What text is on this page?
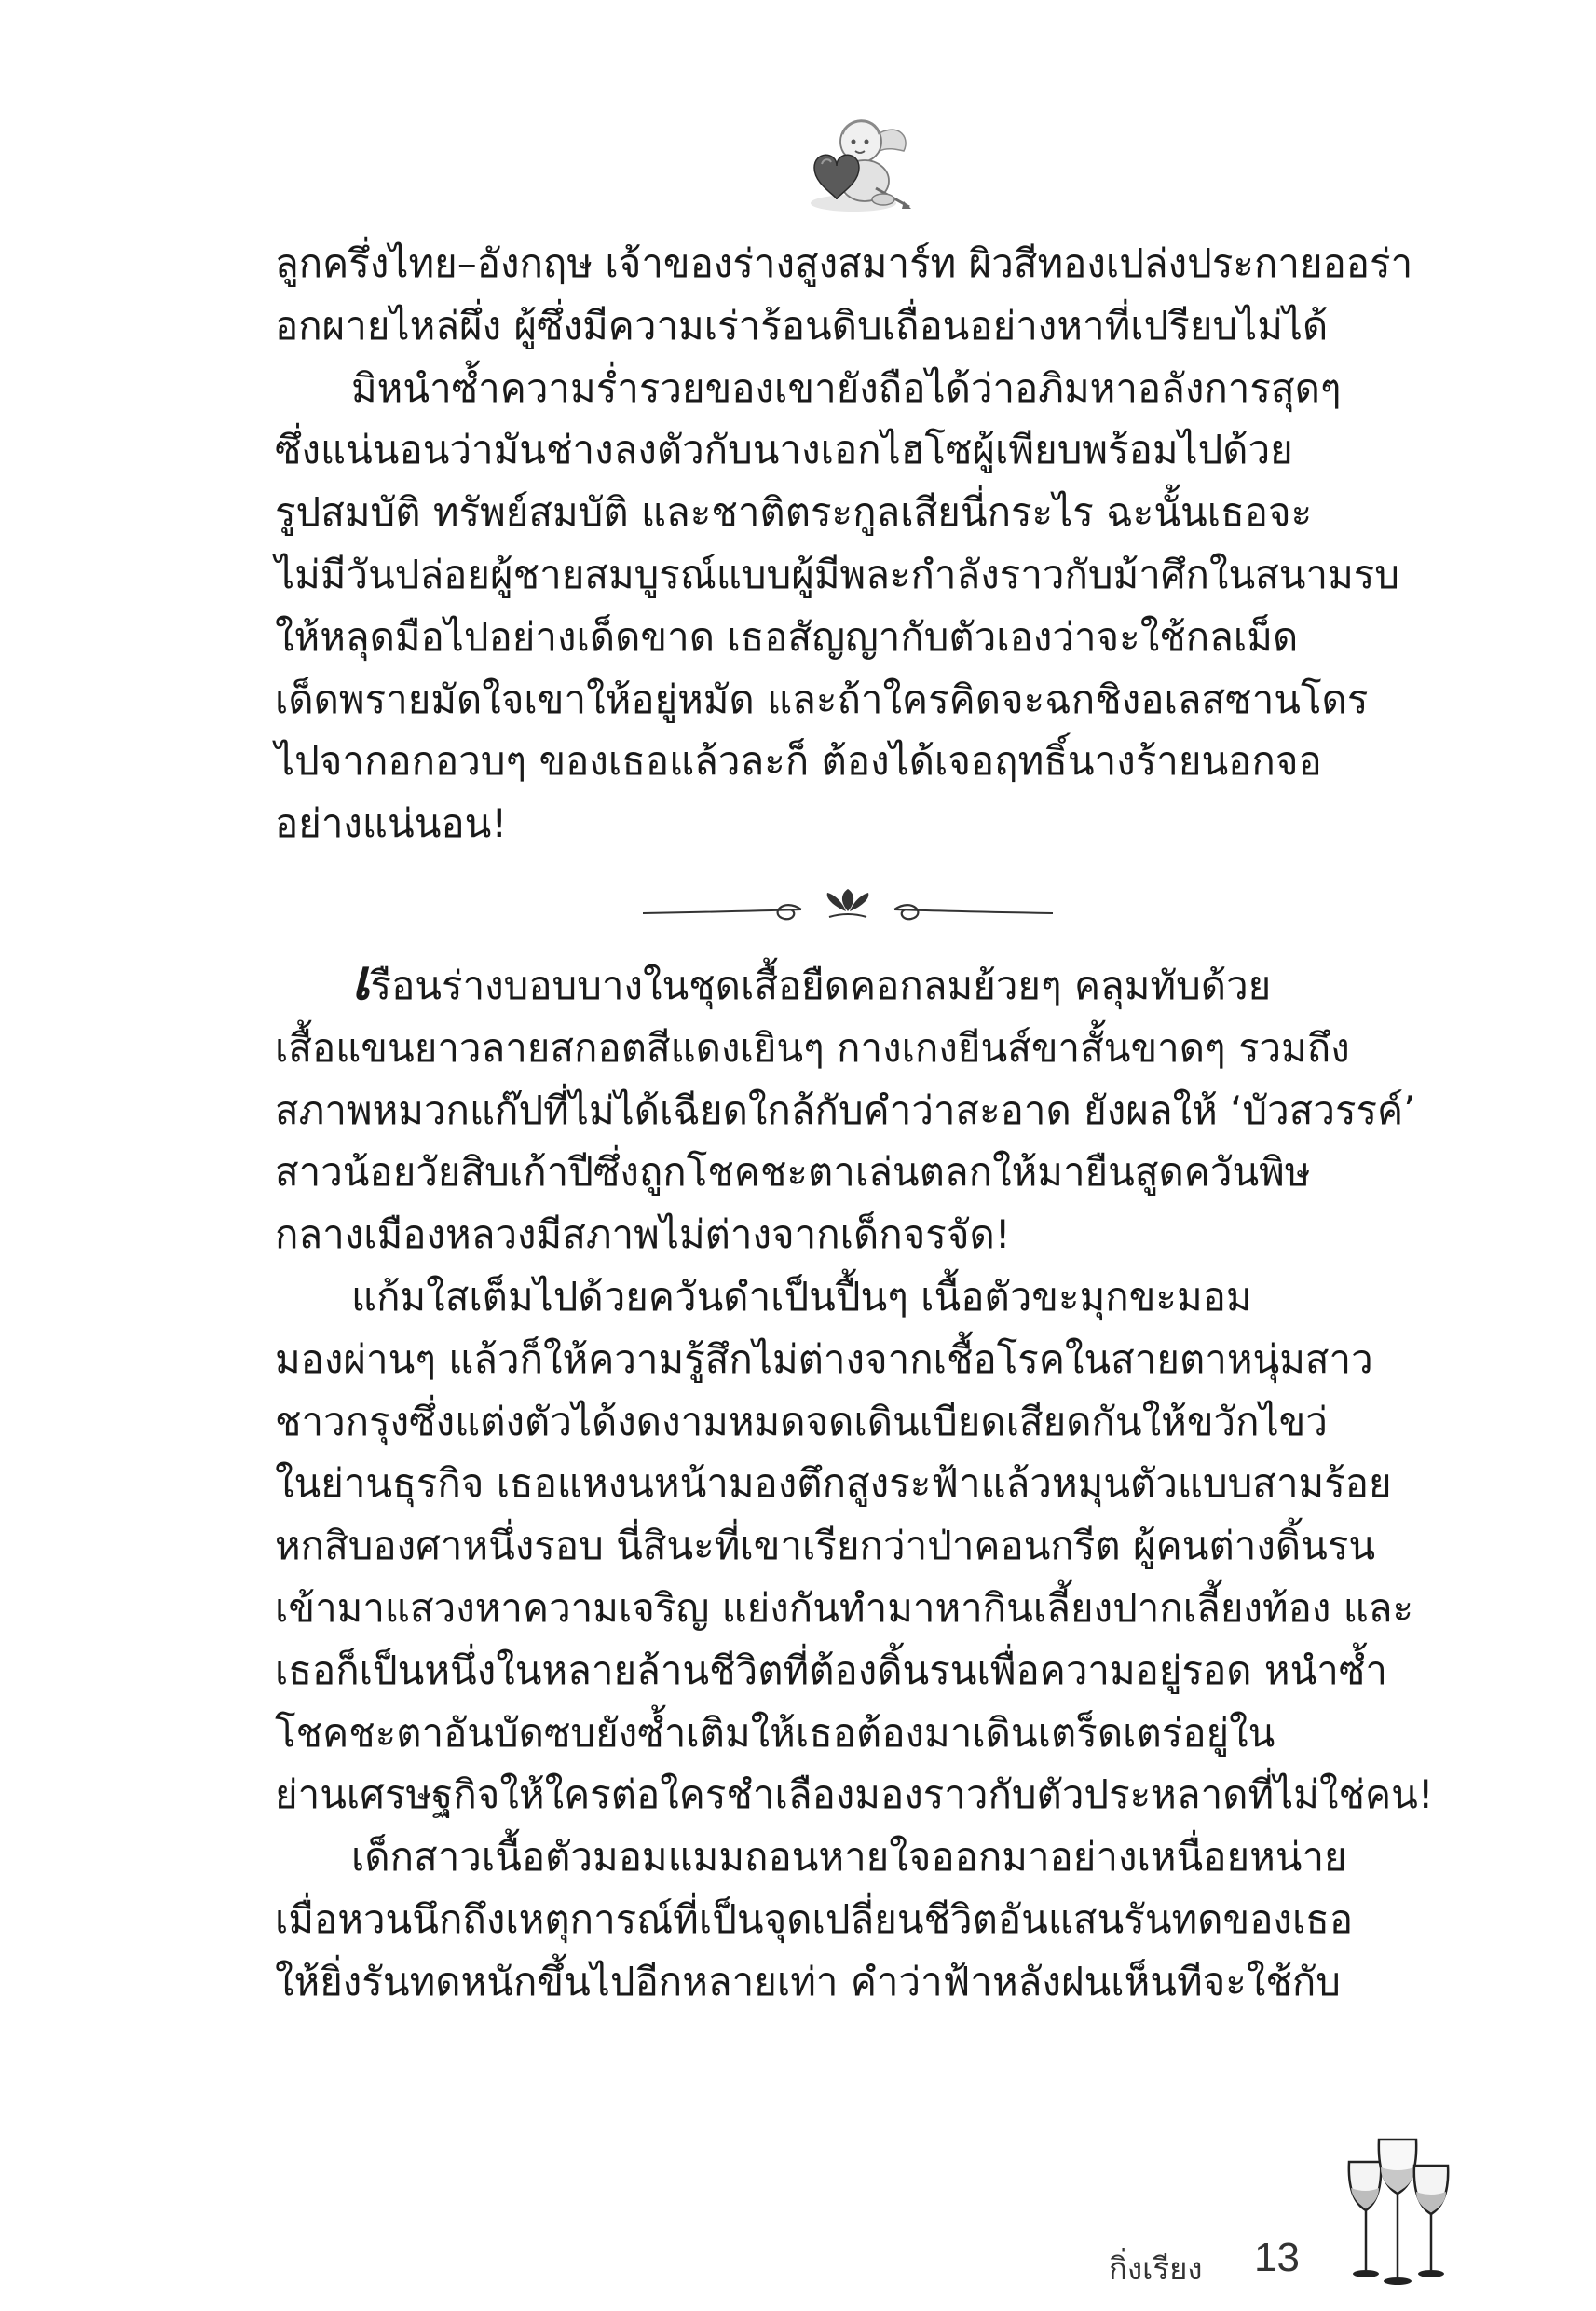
ลูกครึ่งไทย–อังกฤษ เจ้าของร่างสูงสมาร์ท ผิวสีทองเปล่งประกายออร่า
อกผายไหล่ผึ่ง ผู้ซึ่งมีความเร่าร้อนดิบเถื่อนอย่างหาที่เปรียบไม่ได้
มิหนำซ้ำความร่ำรวยของเขายังถือได้ว่าอภิมหาอลังการสุดๆ
ซึ่งแน่นอนว่ามันช่างลงตัวกับนางเอกไฮโซผู้เพียบพร้อมไปด้วย
รูปสมบัติ ทรัพย์สมบัติ และชาติตระกูลเสียนี่กระไร ฉะนั้นเธอจะ
ไม่มีวันปล่อยผู้ชายสมบูรณ์แบบผู้มีพละกำลังราวกับม้าศึกในสนามรบ
ให้หลุดมือไปอย่างเด็ดขาด เธอสัญญากับตัวเองว่าจะใช้กลเม็ด
เด็ดพรายมัดใจเขาให้อยู่หมัด และถ้าใครคิดจะฉกชิงอเลสซานโดร
ไปจากอกอวบๆ ของเธอแล้วละก็ ต้องได้เจอฤทธิ์นางร้ายนอกจอ
อย่างแน่นอน!
เรือนร่างบอบบางในชุดเสื้อยืดคอกลมย้วยๆ คลุมทับด้วย
เสื้อแขนยาวลายสกอตสีแดงเยินๆ กางเกงยีนส์ขาสั้นขาดๆ รวมถึง
สภาพหมวกแก๊ปที่ไม่ได้เฉียดใกล้กับคำว่าสะอาด ยังผลให้ ‘บัวสวรรค์’
สาวน้อยวัยสิบเก้าปีซึ่งถูกโชคชะตาเล่นตลกให้มายืนสูดควันพิษ
กลางเมืองหลวงมีสภาพไม่ต่างจากเด็กจรจัด!
แก้มใสเต็มไปด้วยควันดำเป็นปื้นๆ เนื้อตัวขะมุกขะมอม
มองผ่านๆ แล้วก็ให้ความรู้สึกไม่ต่างจากเชื้อโรคในสายตาหนุ่มสาว
ชาวกรุงซึ่งแต่งตัวได้งดงามหมดจดเดินเบียดเสียดกันให้ขวักไขว่
ในย่านธุรกิจ เธอแหงนหน้ามองตึกสูงระฟ้าแล้วหมุนตัวแบบสามร้อย
หกสิบองศาหนึ่งรอบ นี่สินะที่เขาเรียกว่าป่าคอนกรีต ผู้คนต่างดิ้นรน
เข้ามาแสวงหาความเจริญ แย่งกันทำมาหากินเลี้ยงปากเลี้ยงท้อง และ
เธอก็เป็นหนึ่งในหลายล้านชีวิตที่ต้องดิ้นรนเพื่อความอยู่รอด หนำซ้ำ
โชคชะตาอันบัดซบยังซ้ำเติมให้เธอต้องมาเดินเตร็ดเตร่อยู่ใน
ย่านเศรษฐกิจให้ใครต่อใครชำเลืองมองราวกับตัวประหลาดที่ไม่ใช่คน!
เด็กสาวเนื้อตัวมอมแมมถอนหายใจออกมาอย่างเหนื่อยหน่าย
เมื่อหวนนึกถึงเหตุการณ์ที่เป็นจุดเปลี่ยนชีวิตอันแสนรันทดของเธอ
ให้ยิ่งรันทดหนักขึ้นไปอีกหลายเท่า คำว่าฟ้าหลังฝนเห็นทีจะใช้กับ
กิ่งเรียง 13
